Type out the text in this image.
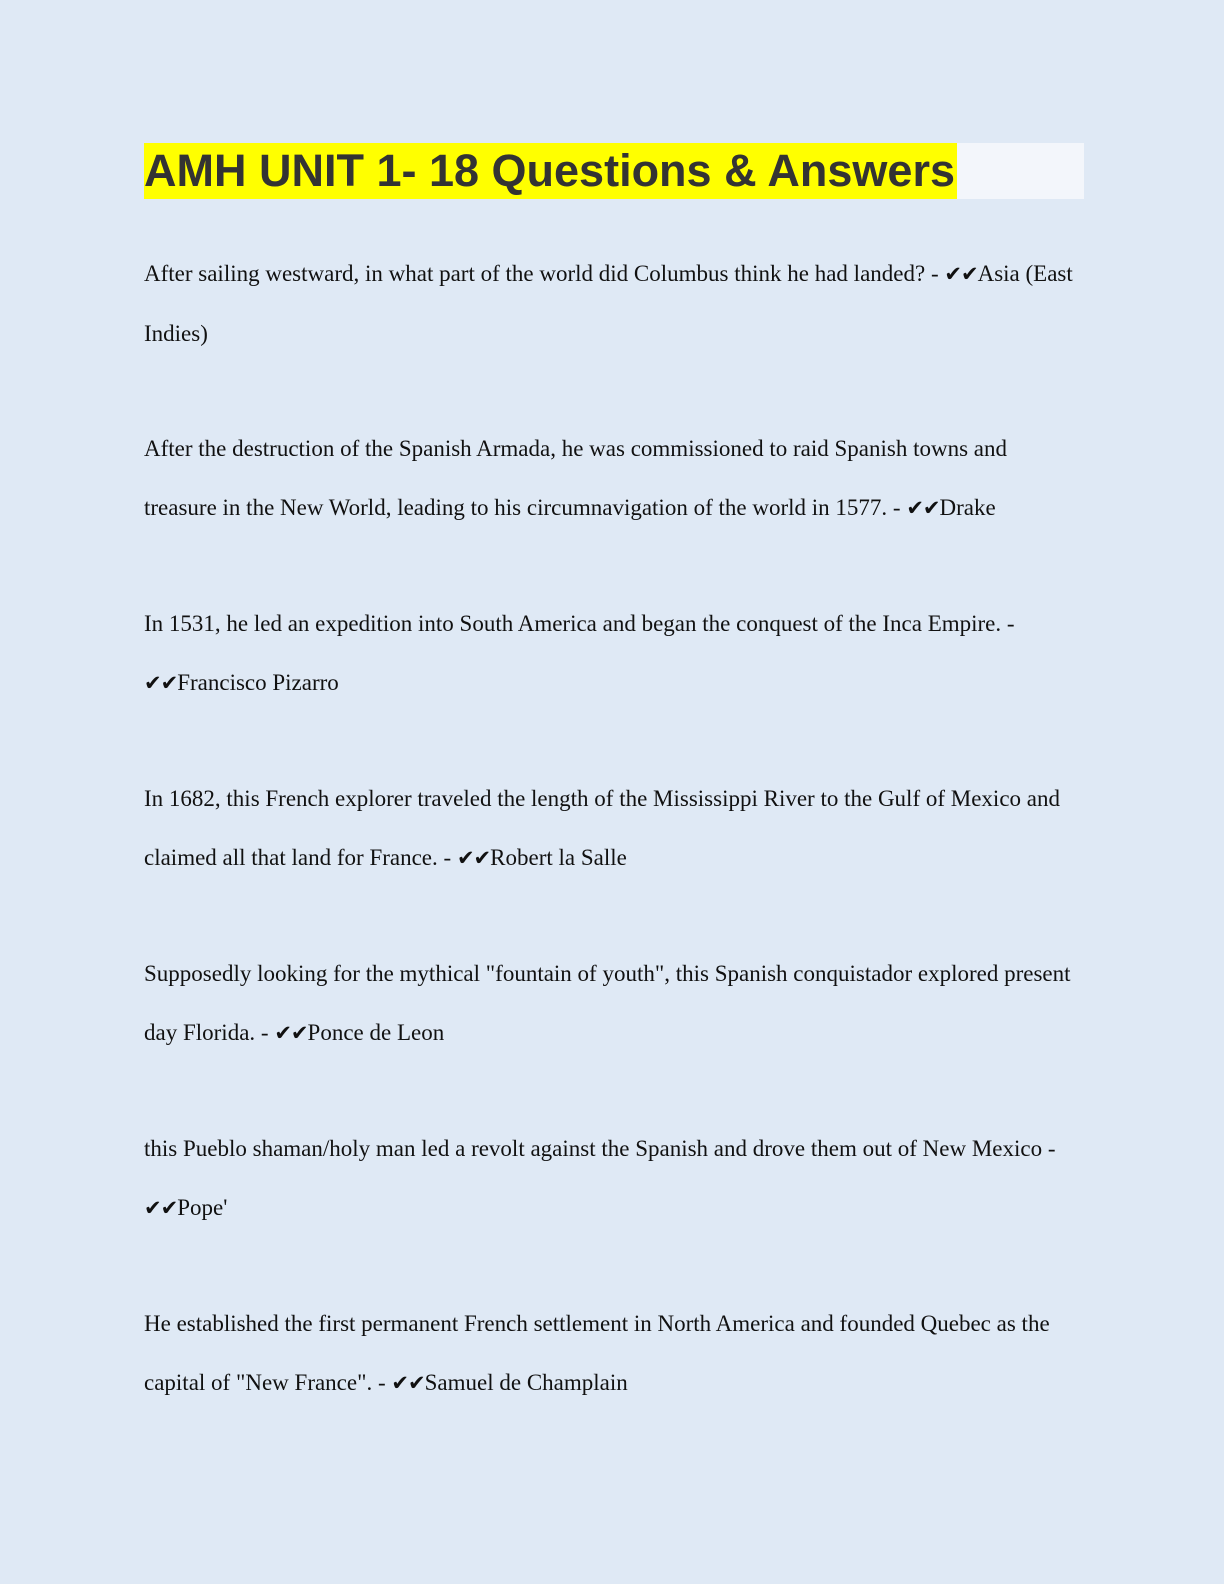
AMH UNIT 1- 18 Questions & Answers

After sailing westward, in what part of the world did Columbus think he had landed? - ✔✔Asia (East Indies)

After the destruction of the Spanish Armada, he was commissioned to raid Spanish towns and treasure in the New World, leading to his circumnavigation of the world in 1577. - ✔✔Drake

In 1531, he led an expedition into South America and began the conquest of the Inca Empire. - ✔✔Francisco Pizarro

In 1682, this French explorer traveled the length of the Mississippi River to the Gulf of Mexico and claimed all that land for France. - ✔✔Robert la Salle

Supposedly looking for the mythical "fountain of youth", this Spanish conquistador explored present day Florida. - ✔✔Ponce de Leon

this Pueblo shaman/holy man led a revolt against the Spanish and drove them out of New Mexico - ✔✔Pope'

He established the first permanent French settlement in North America and founded Quebec as the capital of "New France". - ✔✔Samuel de Champlain
